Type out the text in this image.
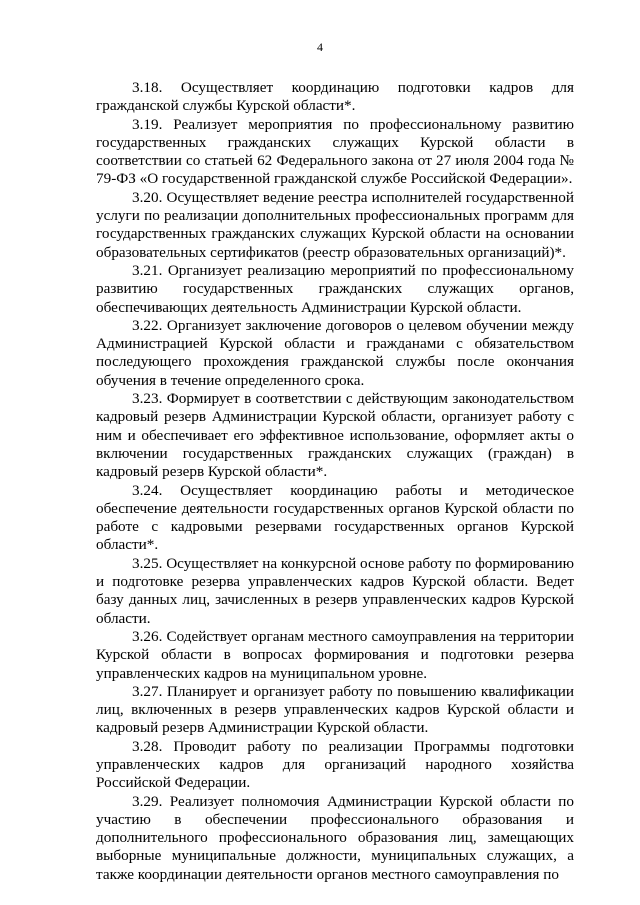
4

3.18. Осуществляет координацию подготовки кадров для гражданской службы Курской области*.

3.19. Реализует мероприятия по профессиональному развитию государственных гражданских служащих Курской области в соответствии со статьей 62 Федерального закона от 27 июля 2004 года № 79-ФЗ «О государственной гражданской службе Российской Федерации».

3.20. Осуществляет ведение реестра исполнителей государственной услуги по реализации дополнительных профессиональных программ для государственных гражданских служащих Курской области на основании образовательных сертификатов (реестр образовательных организаций)*.

3.21. Организует реализацию мероприятий по профессиональному развитию государственных гражданских служащих органов, обеспечивающих деятельность Администрации Курской области.

3.22. Организует заключение договоров о целевом обучении между Администрацией Курской области и гражданами с обязательством последующего прохождения гражданской службы после окончания обучения в течение определенного срока.

3.23. Формирует в соответствии с действующим законодательством кадровый резерв Администрации Курской области, организует работу с ним и обеспечивает его эффективное использование, оформляет акты о включении государственных гражданских служащих (граждан) в кадровый резерв Курской области*.

3.24. Осуществляет координацию работы и методическое обеспечение деятельности государственных органов Курской области по работе с кадровыми резервами государственных органов Курской области*.

3.25. Осуществляет на конкурсной основе работу по формированию и подготовке резерва управленческих кадров Курской области. Ведет базу данных лиц, зачисленных в резерв управленческих кадров Курской области.

3.26. Содействует органам местного самоуправления на территории Курской области в вопросах формирования и подготовки резерва управленческих кадров на муниципальном уровне.

3.27. Планирует и организует работу по повышению квалификации лиц, включенных в резерв управленческих кадров Курской области и кадровый резерв Администрации Курской области.

3.28. Проводит работу по реализации Программы подготовки управленческих кадров для организаций народного хозяйства Российской Федерации.

3.29. Реализует полномочия Администрации Курской области по участию в обеспечении профессионального образования и дополнительного профессионального образования лиц, замещающих выборные муниципальные должности, муниципальных служащих, а также координации деятельности органов местного самоуправления по
